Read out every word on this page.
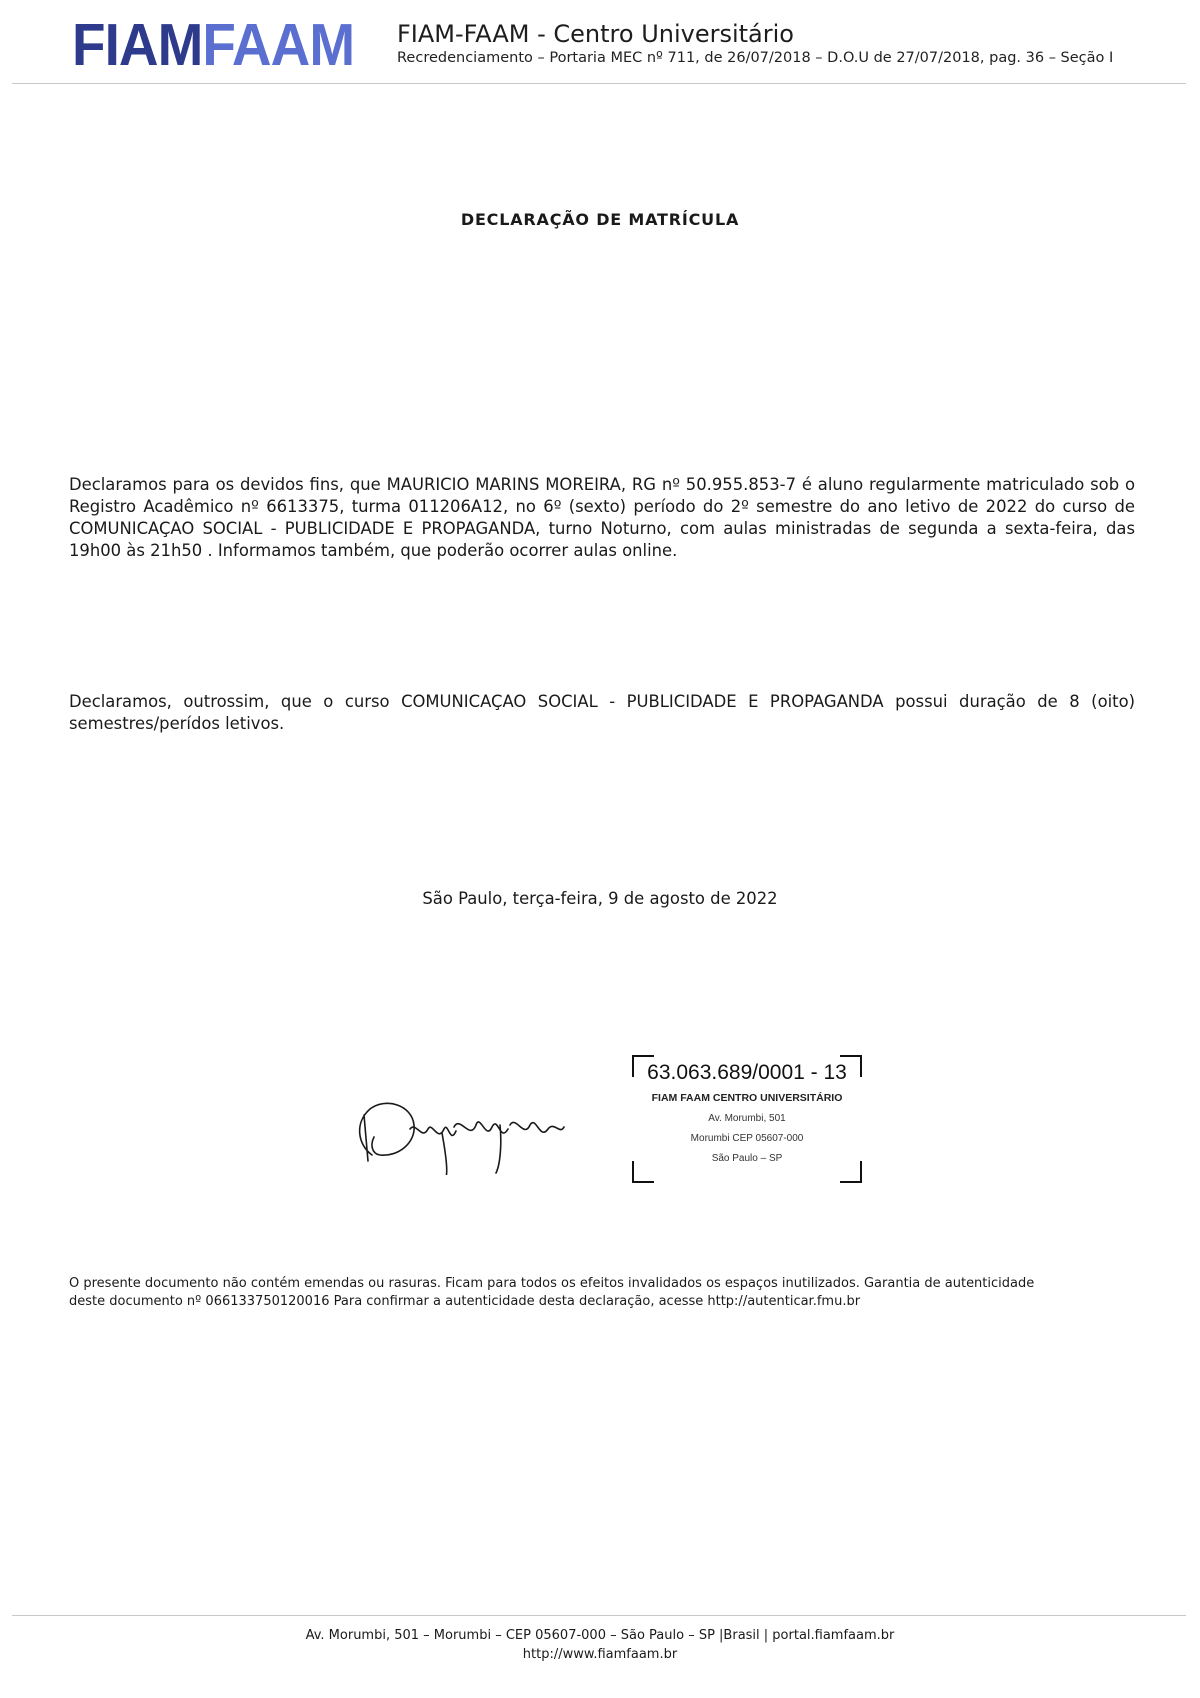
FIAMFAAM FIAM-FAAM - Centro Universitário
Recredenciamento – Portaria MEC nº 711, de 26/07/2018 – D.O.U de 27/07/2018, pag. 36 – Seção I
DECLARAÇÃO DE MATRÍCULA
Declaramos para os devidos fins, que MAURICIO MARINS MOREIRA, RG nº 50.955.853-7 é aluno regularmente matriculado sob o Registro Acadêmico nº 6613375, turma 011206A12, no 6º (sexto) período do 2º semestre do ano letivo de 2022 do curso de COMUNICAÇAO SOCIAL - PUBLICIDADE E PROPAGANDA, turno Noturno, com aulas ministradas de segunda a sexta-feira, das 19h00 às 21h50 . Informamos também, que poderão ocorrer aulas online.
Declaramos, outrossim, que o curso COMUNICAÇAO SOCIAL - PUBLICIDADE E PROPAGANDA possui duração de 8 (oito) semestres/perídos letivos.
São Paulo, terça-feira, 9 de agosto de 2022
63.063.689/0001 - 13
FIAM FAAM CENTRO UNIVERSITÁRIO
Av. Morumbi, 501
Morumbi CEP 05607-000
São Paulo – SP
O presente documento não contém emendas ou rasuras. Ficam para todos os efeitos invalidados os espaços inutilizados. Garantia de autenticidade deste documento nº 066133750120016 Para confirmar a autenticidade desta declaração, acesse http://autenticar.fmu.br
Av. Morumbi, 501 – Morumbi – CEP 05607-000 – São Paulo – SP |Brasil | portal.fiamfaam.br
http://www.fiamfaam.br
